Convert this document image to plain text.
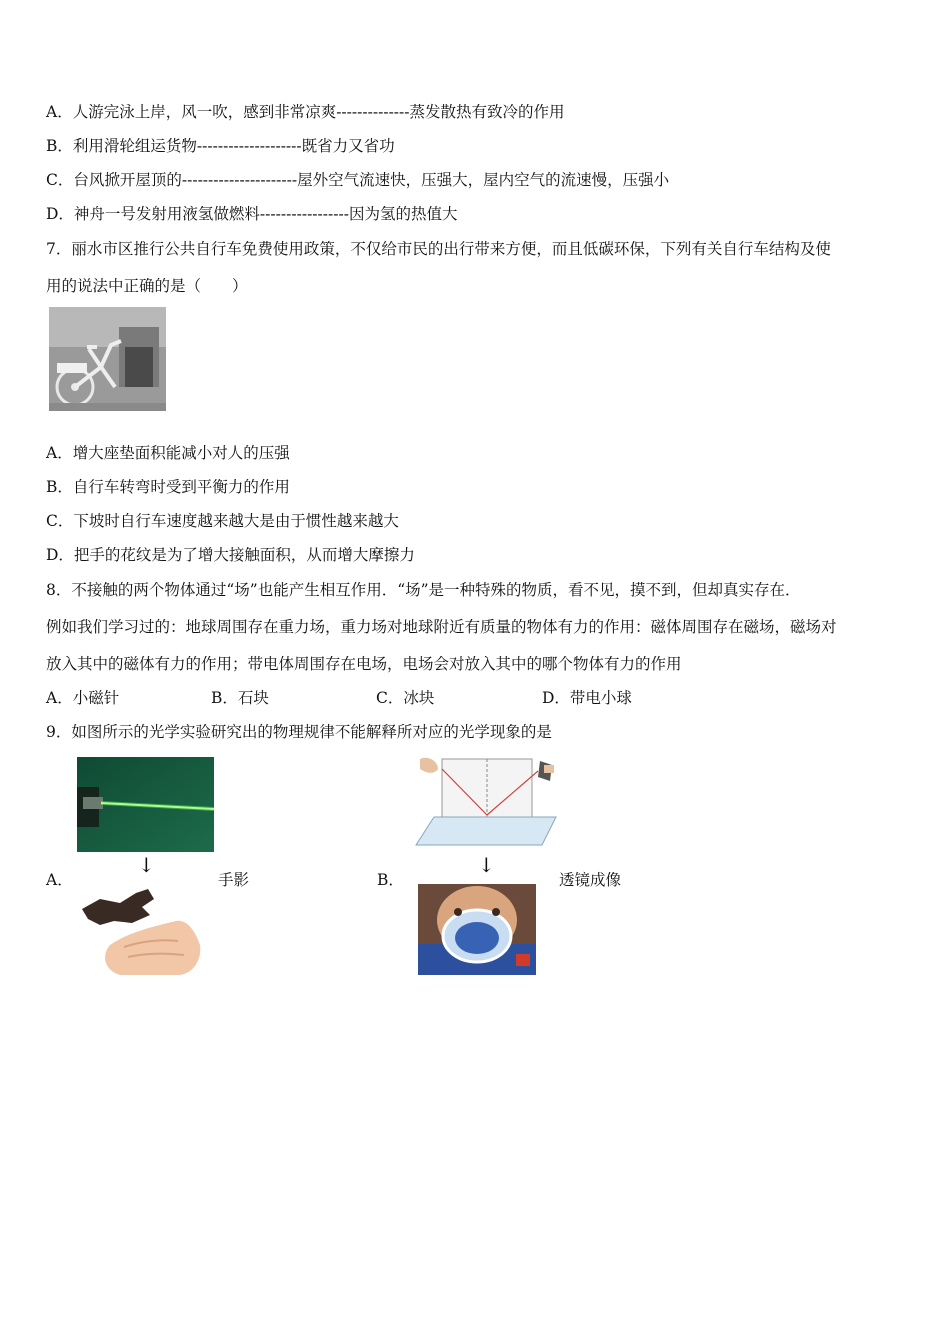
A．人游完泳上岸，风一吹，感到非常凉爽--------------蒸发散热有致冷的作用
B．利用滑轮组运货物--------------------既省力又省功
C．台风掀开屋顶的----------------------屋外空气流速快，压强大，屋内空气的流速慢，压强小
D．神舟一号发射用液氢做燃料-----------------因为氢的热值大
7．丽水市区推行公共自行车免费使用政策，不仅给市民的出行带来方便，而且低碳环保，下列有关自行车结构及使
用的说法中正确的是（　　）
A．增大座垫面积能减小对人的压强
B．自行车转弯时受到平衡力的作用
C．下坡时自行车速度越来越大是由于惯性越来越大
D．把手的花纹是为了增大接触面积，从而增大摩擦力
8．不接触的两个物体通过“场”也能产生相互作用．“场”是一种特殊的物质，看不见，摸不到，但却真实存在．
例如我们学习过的：地球周围存在重力场，重力场对地球附近有质量的物体有力的作用：磁体周围存在磁场，磁场对
放入其中的磁体有力的作用；带电体周围存在电场，电场会对放入其中的哪个物体有力的作用
A．小磁针	B．石块	C．冰块	D．带电小球
9．如图所示的光学实验研究出的物理规律不能解释所对应的光学现象的是
↓
A．	手影
↓
B．	透镜成像
